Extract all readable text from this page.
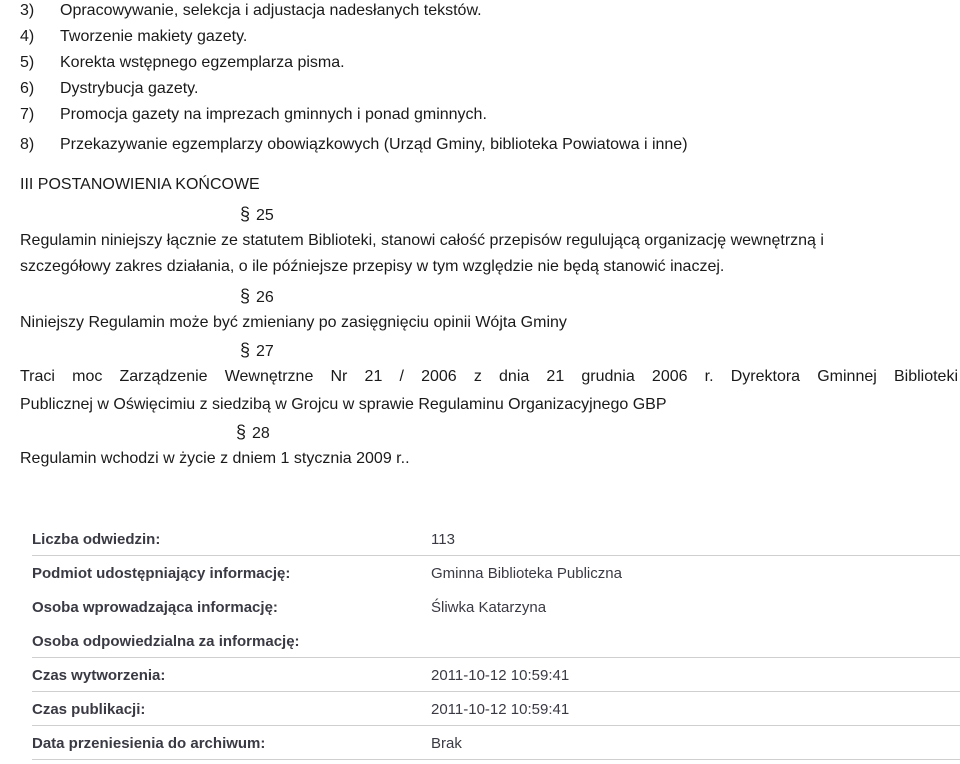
3) Opracowywanie, selekcja i adjustacja nadesłanych tekstów.
4) Tworzenie makiety gazety.
5) Korekta wstępnego egzemplarza pisma.
6) Dystrybucja gazety.
7) Promocja gazety na imprezach gminnych i ponad gminnych.
8) Przekazywanie egzemplarzy obowiązkowych (Urząd Gminy, biblioteka Powiatowa i inne)
III POSTANOWIENIA KOŃCOWE
§ 25
Regulamin niniejszy łącznie ze statutem Biblioteki, stanowi całość przepisów regulującą organizację wewnętrzną i
szczegółowy zakres działania, o ile późniejsze przepisy w tym względzie nie będą stanowić inaczej.
§ 26
Niniejszy Regulamin może być zmieniany po zasięgnięciu opinii Wójta Gminy
§ 27
Traci moc Zarządzenie Wewnętrzne Nr 21 / 2006 z dnia 21 grudnia 2006 r. Dyrektora Gminnej Biblioteki
Publicznej w Oświęcimiu z siedzibą w Grojcu w sprawie Regulaminu Organizacyjnego GBP
§ 28
Regulamin wchodzi w życie z dniem 1 stycznia 2009 r..
Liczba odwiedzin:	113
Podmiot udostępniający informację:	Gminna Biblioteka Publiczna
Osoba wprowadzająca informację:	Śliwka Katarzyna
Osoba odpowiedzialna za informację:
Czas wytworzenia:	2011-10-12 10:59:41
Czas publikacji:	2011-10-12 10:59:41
Data przeniesienia do archiwum:	Brak
